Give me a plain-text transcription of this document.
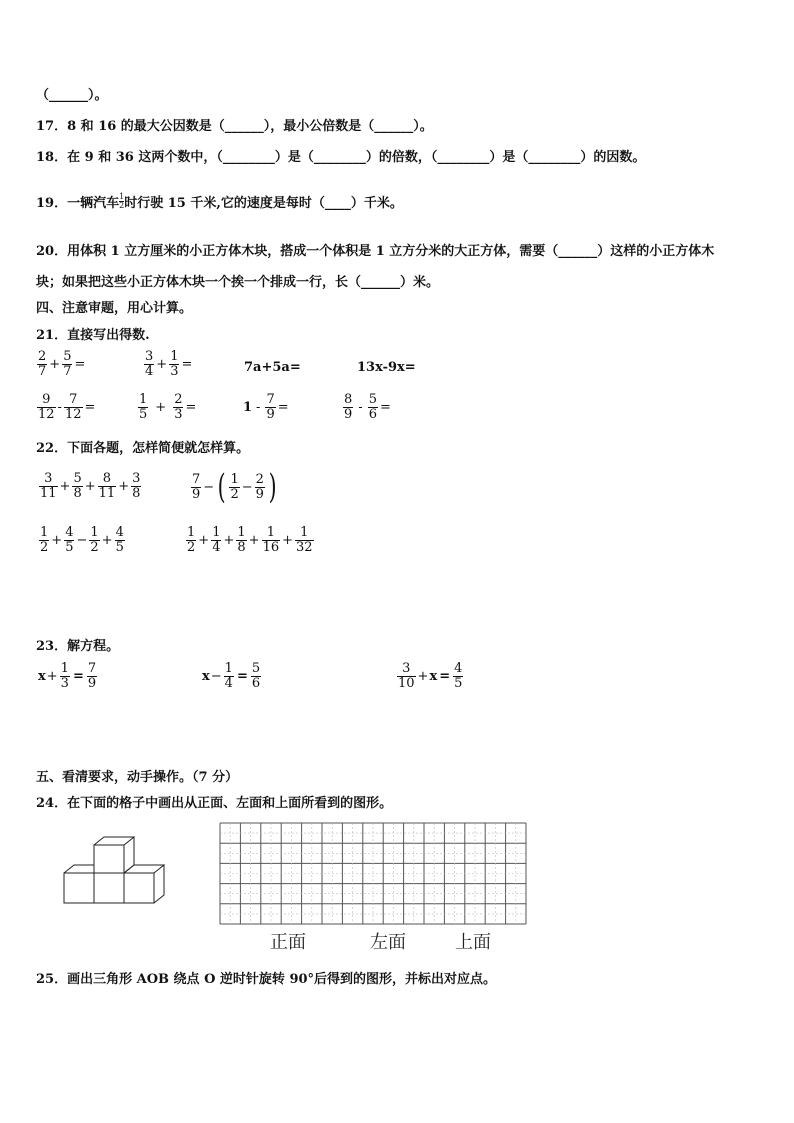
（______）。
17．8 和 16 的最大公因数是（______），最小公倍数是（______）。
18．在 9 和 36 这两个数中，（________）是（________）的倍数，（________）是（________）的因数。
19．一辆汽车 $\frac{1}{2}$ 时行驶 15 千米,它的速度是每时（____）千米。
20．用体积 1 立方厘米的小正方体木块，搭成一个体积是 1 立方分米的大正方体，需要（______）这样的小正方体木
块；如果把这些小正方体木块一个挨一个排成一行，长（______）米。
四、注意审题，用心计算。
21．直接写出得数.
$\frac{2}{7} + \frac{5}{7}$ =	$\frac{3}{4} + \frac{1}{3}$ =	7a+5a=	13x-9x=
$\frac{9}{12} - \frac{7}{12}$ =	$\frac{1}{5} + \frac{2}{3}$ =	$1 - \frac{7}{9}$ =	$\frac{8}{9} - \frac{5}{6}$ =
22．下面各题，怎样简便就怎样算。
$\frac{3}{11} + \frac{5}{8} + \frac{8}{11} + \frac{3}{8}$	$\frac{7}{9}$ − ( $\frac{1}{2} - \frac{2}{9}$ )
$\frac{1}{2} + \frac{4}{5} - \frac{1}{2} + \frac{4}{5}$	$\frac{1}{2} + \frac{1}{4} + \frac{1}{8} + \frac{1}{16} + \frac{1}{32}$
23．解方程。
$x + \frac{1}{3} = \frac{7}{9}$	$x - \frac{1}{4} = \frac{5}{6}$	$\frac{3}{10} + x = \frac{4}{5}$
五、看清要求，动手操作。（7 分）
24．在下面的格子中画出从正面、左面和上面所看到的图形。
正面	左面	上面
25．画出三角形 AOB 绕点 O 逆时针旋转 90°后得到的图形，并标出对应点。
